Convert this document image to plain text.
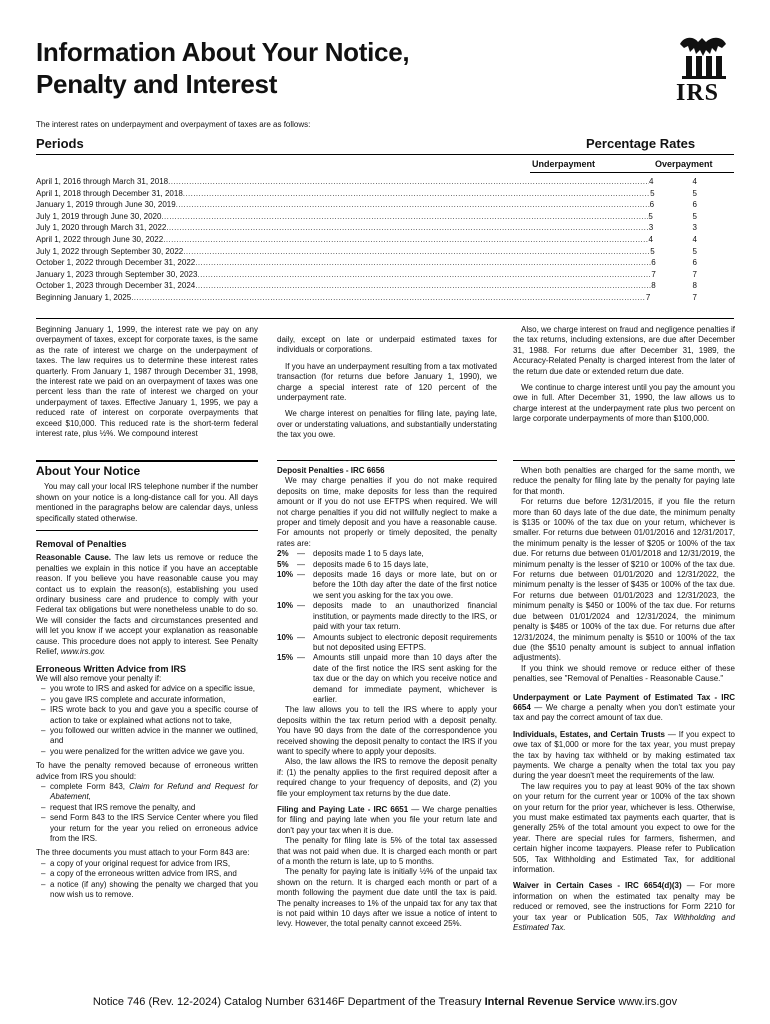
Information About Your Notice,
Penalty and Interest	IRS
The interest rates on underpayment and overpayment of taxes are as follows:
Periods	Percentage Rates
Underpayment	Overpayment
April 1, 2016 through March 31, 2018 .....	4	4
April 1, 2018 through December 31, 2018 .....	5	5
January 1, 2019 through June 30, 2019 .....	6	6
July 1, 2019 through June 30, 2020 .....	5	5
July 1, 2020 through March 31, 2022 .....	3	3
April 1, 2022 through June 30, 2022 .....	4	4
July 1, 2022 through September 30, 2022 .....	5	5
October 1, 2022 through December 31, 2022 .....	6	6
January 1, 2023 through September 30, 2023 .....	7	7
October 1, 2023 through December 31, 2024 .....	8	8
Beginning January 1, 2025 .....	7	7

Beginning January 1, 1999, the interest rate we pay on any overpayment of taxes, except for corporate taxes, is the same as the rate of interest we charge on the underpayment of taxes. The law requires us to determine these interest rates quarterly. From January 1, 1987 through December 31, 1998, the interest rate we paid on an overpayment of taxes was one percent less than the rate of interest we charged on your underpayment of taxes. Effective January 1, 1995, we pay a reduced rate of interest on corporate overpayments that exceed $10,000. This reduced rate is the short-term federal interest rate, plus ½%. We compound interest

daily, except on late or underpaid estimated taxes for individuals or corporations.

If you have an underpayment resulting from a tax motivated transaction (for returns due before January 1, 1990), we charge a special interest rate of 120 percent of the underpayment rate.

We charge interest on penalties for filing late, paying late, over or understating valuations, and substantially understating the tax you owe.

Also, we charge interest on fraud and negligence penalties if the tax returns, including extensions, are due after December 31, 1988. For returns due after December 31, 1989, the Accuracy-Related Penalty is charged interest from the later of the return due date or extended return due date.

We continue to charge interest until you pay the amount you owe in full. After December 31, 1990, the law allows us to charge interest at the underpayment rate plus two percent on large corporate underpayments of more than $100,000.

About Your Notice

You may call your local IRS telephone number if the number shown on your notice is a long-distance call for you. All days mentioned in the paragraphs below are calendar days, unless specifically stated otherwise.

Removal of Penalties

Reasonable Cause. The law lets us remove or reduce the penalties we explain in this notice if you have an acceptable reason. If you believe you have reasonable cause you may contact us to explain the reason(s), establishing you used ordinary business care and prudence to comply with your Federal tax obligations but were nonetheless unable to do so. We will consider the facts and circumstances presented and will let you know if we accept your explanation as reasonable cause. This procedure does not apply to interest. See Penalty Relief, www.irs.gov.

Erroneous Written Advice from IRS

We will also remove your penalty if:

– you wrote to IRS and asked for advice on a specific issue,
– you gave IRS complete and accurate information,
– IRS wrote back to you and gave you a specific course of action to take or explained what actions not to take,
– you followed our written advice in the manner we outlined, and
– you were penalized for the written advice we gave you.

To have the penalty removed because of erroneous written advice from IRS you should:

– complete Form 843, Claim for Refund and Request for Abatement,
– request that IRS remove the penalty, and
– send Form 843 to the IRS Service Center where you filed your return for the year you relied on erroneous advice from the IRS.

The three documents you must attach to your Form 843 are:

– a copy of your original request for advice from IRS,
– a copy of the erroneous written advice from IRS, and
– a notice (if any) showing the penalty we charged that you now wish us to remove.

Deposit Penalties - IRC 6656

We may charge penalties if you do not make required deposits on time, make deposits for less than the required amount or if you do not use EFTPS when required. We will not charge penalties if you did not willfully neglect to make a proper and timely deposit and you have a reasonable cause. For amounts not properly or timely deposited, the penalty rates are:

2%	—	deposits made 1 to 5 days late,
5%	—	deposits made 6 to 15 days late,
10% —	deposits made 16 days or more late, but on or before the 10th day after the date of the first notice we sent you asking for the tax you owe.
10% —	deposits made to an unauthorized financial institution, or payments made directly to the IRS, or paid with your tax return.
10% —	Amounts subject to electronic deposit requirements but not deposited using EFTPS.
15% —	Amounts still unpaid more than 10 days after the date of the first notice the IRS sent asking for the tax due or the day on which you receive notice and demand for immediate payment, whichever is earlier.

The law allows you to tell the IRS where to apply your deposits within the tax return period with a deposit penalty. You have 90 days from the date of the correspondence you received showing the deposit penalty to contact the IRS if you want to specify where to apply your deposits.

Also, the law allows the IRS to remove the deposit penalty if: (1) the penalty applies to the first required deposit after a required change to your frequency of deposits, and (2) you file your employment tax returns by the due date.

Filing and Paying Late - IRC 6651 — We charge penalties for filing and paying late when you file your return late and don't pay your tax when it is due.

The penalty for filing late is 5% of the total tax assessed that was not paid when due. It is charged each month or part of a month the return is late, up to 5 months.

The penalty for paying late is initially ½% of the unpaid tax shown on the return. It is charged each month or part of a month following the payment due date until the tax is paid. The penalty increases to 1% of the unpaid tax for any tax that is not paid within 10 days after we issue a notice of intent to levy. However, the total penalty cannot exceed 25%.

When both penalties are charged for the same month, we reduce the penalty for filing late by the penalty for paying late for that month.

For returns due before 12/31/2015, if you file the return more than 60 days late of the due date, the minimum penalty is $135 or 100% of the tax due on your return, whichever is smaller. For returns due between 01/01/2016 and 12/31/2017, the minimum penalty is the lesser of $205 or 100% of the tax due. For returns due between 01/01/2018 and 12/31/2019, the minimum penalty is the lesser of $210 or 100% of the tax due. For returns due between 01/01/2020 and 12/31/2022, the minimum penalty is the lesser of $435 or 100% of the tax due. For returns due between 01/01/2023 and 12/31/2023, the minimum penalty is $450 or 100% of the tax due. For returns due between 01/01/2024 and 12/31/2024, the minimum penalty is $485 or 100% of the tax due. For returns due after 12/31/2024, the minimum penalty is $510 or 100% of the tax due (the $510 penalty amount is subject to annual inflation adjustments).

If you think we should remove or reduce either of these penalties, see "Removal of Penalties - Reasonable Cause."

Underpayment or Late Payment of Estimated Tax - IRC 6654 — We charge a penalty when you don't estimate your tax and pay the correct amount of tax due.

Individuals, Estates, and Certain Trusts — If you expect to owe tax of $1,000 or more for the tax year, you must prepay the tax by having tax withheld or by making estimated tax payments. We charge a penalty when the total tax you pay during the year doesn't meet the requirements of the law.

The law requires you to pay at least 90% of the tax shown on your return for the current year or 100% of the tax shown on your return for the prior year, whichever is less. Otherwise, you must make estimated tax payments each quarter, that is generally 25% of the total amount you expect to owe for the year. There are special rules for farmers, fishermen, and certain higher income taxpayers. Please refer to Publication 505, Tax Withholding and Estimated Tax, for additional information.

Waiver in Certain Cases - IRC 6654(d)(3) — For more information on when the estimated tax penalty may be reduced or removed, see the instructions for Form 2210 for your tax year or Publication 505, Tax Withholding and Estimated Tax.

Notice 746 (Rev. 12-2024) Catalog Number 63146F Department of the Treasury Internal Revenue Service www.irs.gov
